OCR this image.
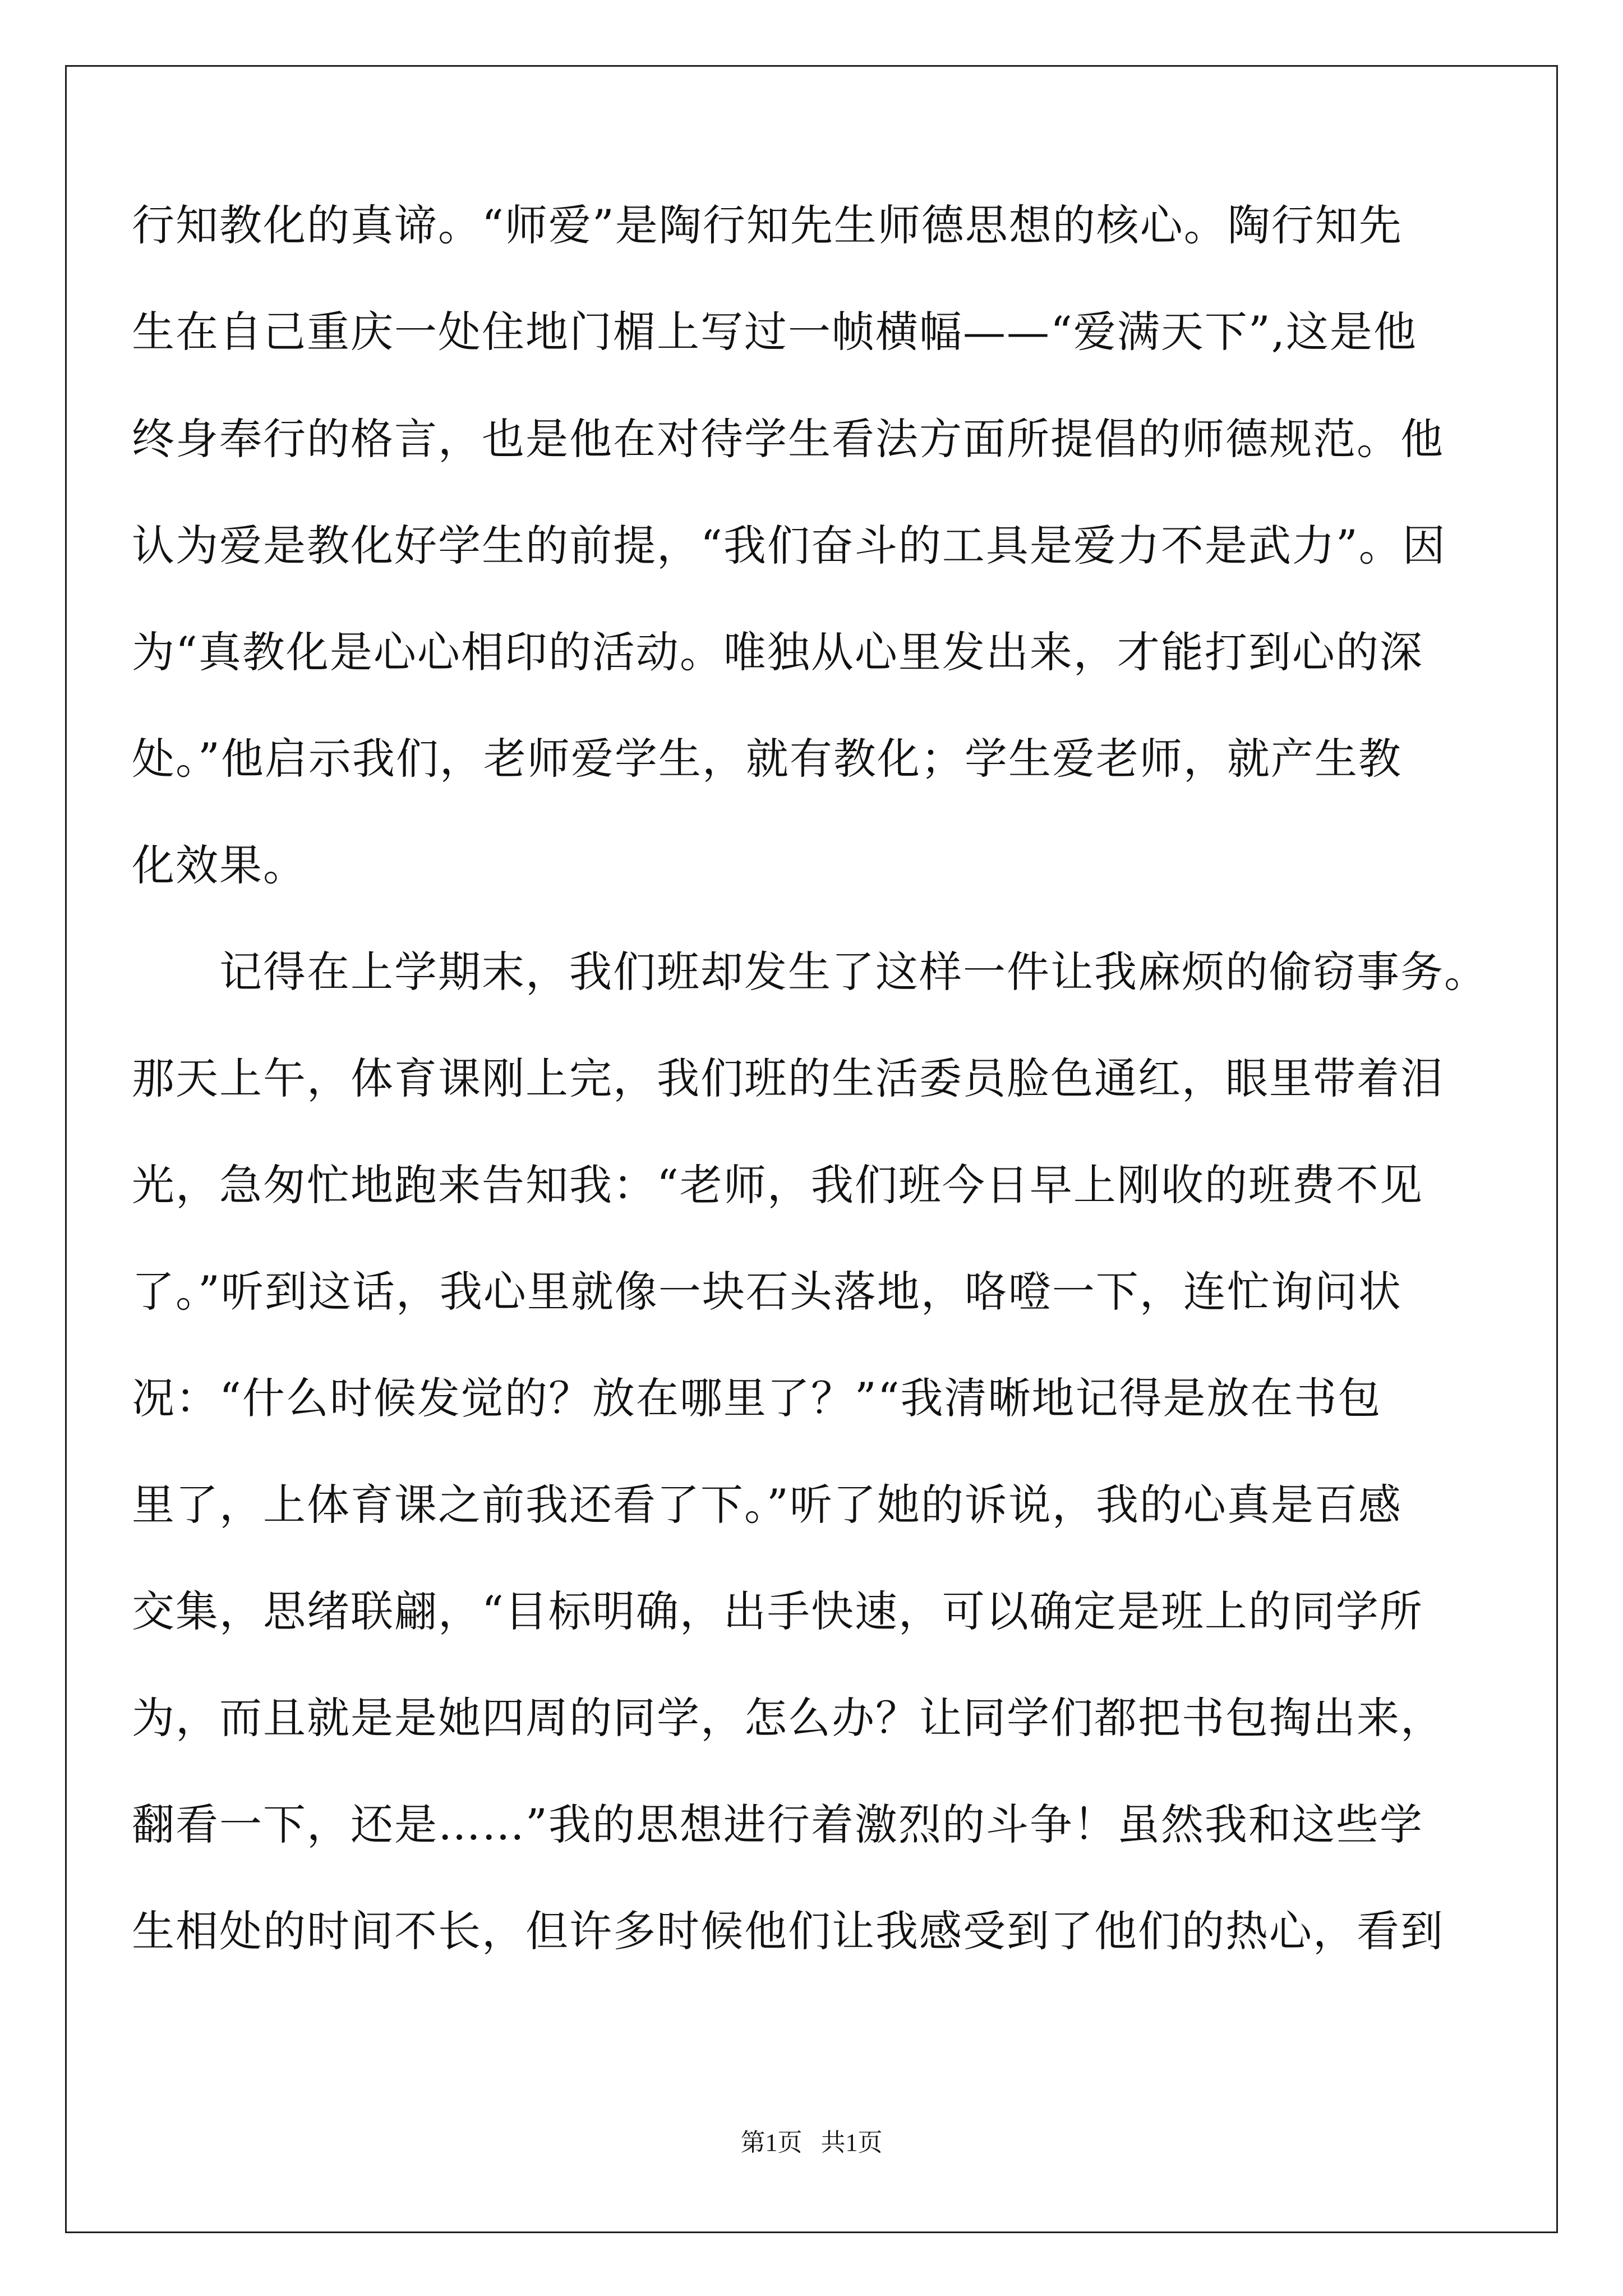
行知教化的真谛。“师爱”是陶行知先生师德思想的核心。陶行知先
生在自己重庆一处住地门楣上写过一帧横幅——“爱满天下”,这是他
终身奉行的格言，也是他在对待学生看法方面所提倡的师德规范。他
认为爱是教化好学生的前提，“我们奋斗的工具是爱力不是武力”。因
为“真教化是心心相印的活动。唯独从心里发出来，才能打到心的深
处。”他启示我们，老师爱学生，就有教化；学生爱老师，就产生教
化效果。
　　记得在上学期末，我们班却发生了这样一件让我麻烦的偷窃事务。
那天上午，体育课刚上完，我们班的生活委员脸色通红，眼里带着泪
光，急匆忙地跑来告知我：“老师，我们班今日早上刚收的班费不见
了。”听到这话，我心里就像一块石头落地，咯噔一下，连忙询问状
况：“什么时候发觉的？放在哪里了？”“我清晰地记得是放在书包
里了，上体育课之前我还看了下。”听了她的诉说，我的心真是百感
交集，思绪联翩，“目标明确，出手快速，可以确定是班上的同学所
为，而且就是是她四周的同学，怎么办？让同学们都把书包掏出来，
翻看一下，还是……”我的思想进行着激烈的斗争！虽然我和这些学
生相处的时间不长，但许多时候他们让我感受到了他们的热心，看到
第1页 共1页
